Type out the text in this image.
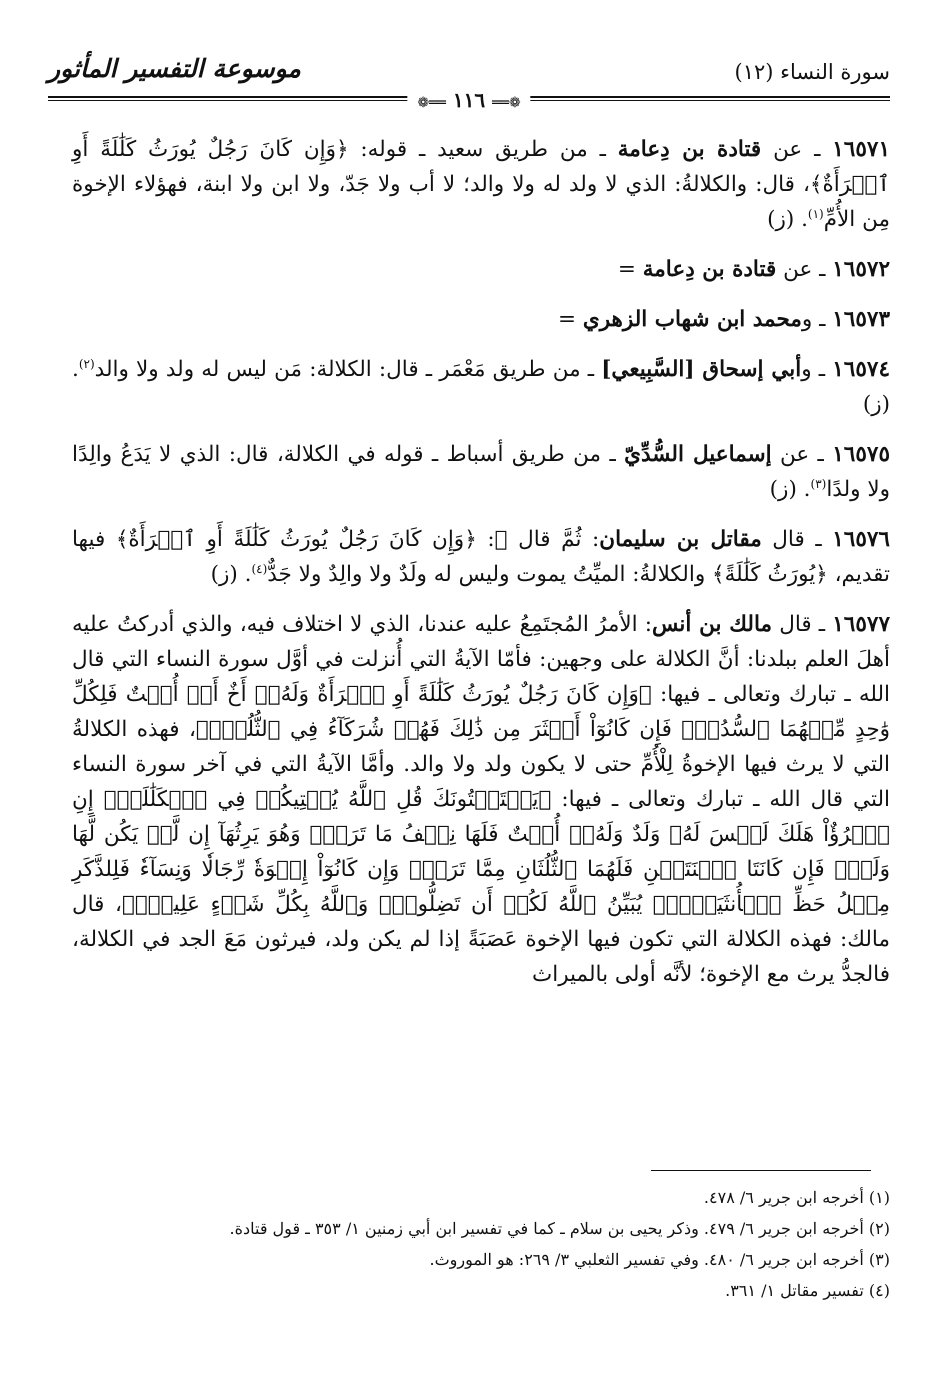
سورة النساء (١٢)
موسوعة التفسير المأثور
❁══ ١١٦ ══❁

١٦٥٧١ ـ عن قتادة بن دِعامة ـ من طريق سعيد ـ قوله: ﴿وَإِن كَانَ رَجُلٌ يُورَثُ كَلَٰلَةً أَوِ ٱمۡرَأَةٌ﴾، قال: والكلالةُ: الذي لا ولد له ولا والد؛ لا أب ولا جَدّ، ولا ابن ولا ابنة، فهؤلاء الإخوة مِن الأُمِّ$^{(١)}$. (ز)

١٦٥٧٢ ـ عن قتادة بن دِعامة =

١٦٥٧٣ ـ ومحمد ابن شهاب الزهري =

١٦٥٧٤ ـ وأبي إسحاق [السَّبِيعي] ـ من طريق مَعْمَر ـ قال: الكلالة: مَن ليس له ولد ولا والد$^{(٢)}$. (ز)

١٦٥٧٥ ـ عن إسماعيل السُّدِّيّ ـ من طريق أسباط ـ قوله في الكلالة، قال: الذي لا يَدَعُ والِدًا ولا ولدًا$^{(٣)}$. (ز)

١٦٥٧٦ ـ قال مقاتل بن سليمان: ثُمَّ قال ﷻ: ﴿وَإِن كَانَ رَجُلٌ يُورَثُ كَلَٰلَةً أَوِ ٱمۡرَأَةٌ﴾ فيها تقديم، ﴿يُورَثُ كَلَٰلَةً﴾ والكلالةُ: الميِّتُ يموت وليس له ولَدٌ ولا والِدٌ ولا جَدٌّ$^{(٤)}$. (ز)

١٦٥٧٧ ـ قال مالك بن أنس: الأمرُ المُجتَمِعُ عليه عندنا، الذي لا اختلاف فيه، والذي أدركتُ عليه أهلَ العلم ببلدنا: أنَّ الكلالة على وجهين: فأمّا الآيةُ التي أُنزلت في أوَّل سورة النساء التي قال الله ـ تبارك وتعالى ـ فيها: ﴿وَإِن كَانَ رَجُلٌ يُورَثُ كَلَٰلَةً أَوِ ٱمۡرَأَةٌ وَلَهُۥٓ أَخٌ أَوۡ أُخۡتٌ فَلِكُلِّ وَٰحِدٍ مِّنۡهُمَا ٱلسُّدُسُۚ فَإِن كَانُوٓاْ أَكۡثَرَ مِن ذَٰلِكَ فَهُمۡ شُرَكَآءُ فِي ٱلثُّلُثِۚ﴾، فهذه الكلالةُ التي لا يرث فيها الإخوةُ لِلْأُمِّ حتى لا يكون ولد ولا والد. وأمَّا الآيةُ التي في آخر سورة النساء التي قال الله ـ تبارك وتعالى ـ فيها: ﴿يَسۡتَفۡتُونَكَ قُلِ ٱللَّهُ يُفۡتِيكُمۡ فِي ٱلۡكَلَٰلَةِۚ إِنِ ٱمۡرُؤٌاْ هَلَكَ لَيۡسَ لَهُۥ وَلَدٌ وَلَهُۥٓ أُخۡتٌ فَلَهَا نِصۡفُ مَا تَرَكَۚ وَهُوَ يَرِثُهَآ إِن لَّمۡ يَكُن لَّهَا وَلَدٌۚ فَإِن كَانَتَا ٱثۡنَتَيۡنِ فَلَهُمَا ٱلثُّلُثَانِ مِمَّا تَرَكَۚ وَإِن كَانُوٓاْ إِخۡوَةٗ رِّجَالٗا وَنِسَآءٗ فَلِلذَّكَرِ مِثۡلُ حَظِّ ٱلۡأُنثَيَيۡنِۗ يُبَيِّنُ ٱللَّهُ لَكُمۡ أَن تَضِلُّواْۗ وَٱللَّهُ بِكُلِّ شَيۡءٍ عَلِيمُۢ﴾، قال مالك: فهذه الكلالة التي تكون فيها الإخوة عَصَبَةً إذا لم يكن ولد، فيرثون مَعَ الجد في الكلالة، فالجدُّ يرث مع الإخوة؛ لأنَّه أولى بالميراث

(١) أخرجه ابن جرير ٦/ ٤٧٨.
(٢) أخرجه ابن جرير ٦/ ٤٧٩. وذكر يحيى بن سلام ـ كما في تفسير ابن أبي زمنين ١/ ٣٥٣ ـ قول قتادة.
(٣) أخرجه ابن جرير ٦/ ٤٨٠. وفي تفسير الثعلبي ٣/ ٢٦٩: هو الموروث.
(٤) تفسير مقاتل ١/ ٣٦١.
